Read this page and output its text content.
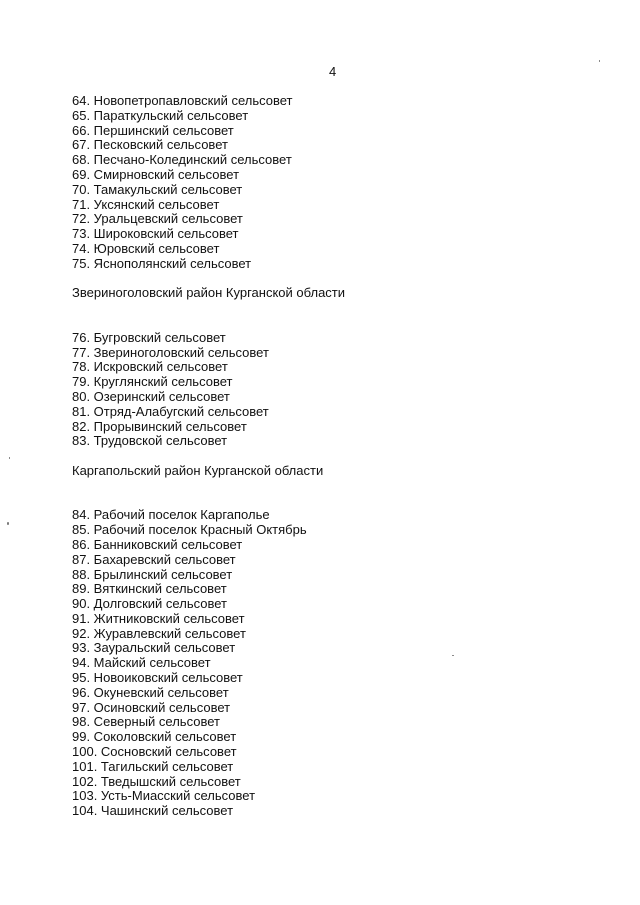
4
64. Новопетропавловский сельсовет
65. Параткульский сельсовет
66. Першинский сельсовет
67. Песковский сельсовет
68. Песчано-Колединский сельсовет
69. Смирновский сельсовет
70. Тамакульский сельсовет
71. Уксянский сельсовет
72. Уральцевский сельсовет
73. Широковский сельсовет
74. Юровский сельсовет
75. Яснополянский сельсовет
Звериноголовский район Курганской области
76. Бугровский сельсовет
77. Звериноголовский сельсовет
78. Искровский сельсовет
79. Круглянский сельсовет
80. Озеринский сельсовет
81. Отряд-Алабугский сельсовет
82. Прорывинский сельсовет
83. Трудовской сельсовет
Каргапольский район Курганской области
84. Рабочий поселок Каргаполье
85. Рабочий поселок Красный Октябрь
86. Банниковский сельсовет
87. Бахаревский сельсовет
88. Брылинский сельсовет
89. Вяткинский сельсовет
90. Долговский сельсовет
91. Житниковский сельсовет
92. Журавлевский сельсовет
93. Зауральский сельсовет
94. Майский сельсовет
95. Новоиковский сельсовет
96. Окуневский сельсовет
97. Осиновский сельсовет
98. Северный сельсовет
99. Соколовский сельсовет
100. Сосновский сельсовет
101. Тагильский сельсовет
102. Тведышский сельсовет
103. Усть-Миасский сельсовет
104. Чашинский сельсовет
